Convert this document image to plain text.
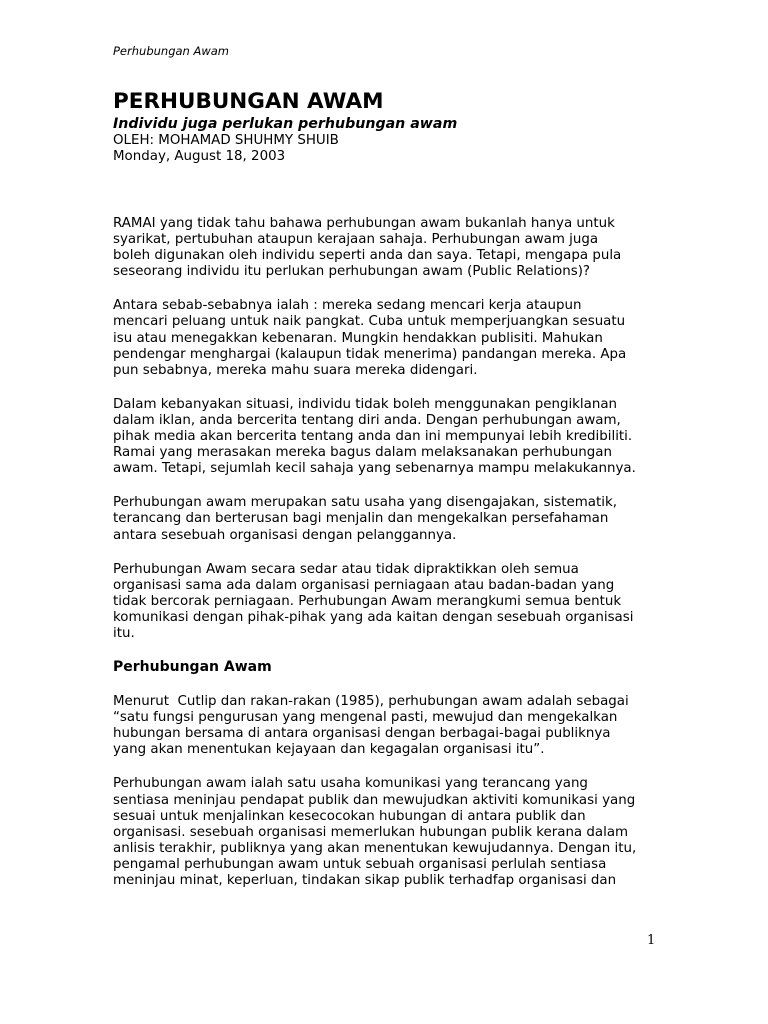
Perhubungan Awam
PERHUBUNGAN AWAM

Individu juga perlukan perhubungan awam

OLEH: MOHAMAD SHUHMY SHUIB

Monday, August 18, 2003

RAMAI yang tidak tahu bahawa perhubungan awam bukanlah hanya untuk
syarikat, pertubuhan ataupun kerajaan sahaja. Perhubungan awam juga
boleh digunakan oleh individu seperti anda dan saya. Tetapi, mengapa pula
seseorang individu itu perlukan perhubungan awam (Public Relations)?
Antara sebab-sebabnya ialah : mereka sedang mencari kerja ataupun
mencari peluang untuk naik pangkat. Cuba untuk memperjuangkan sesuatu
isu atau menegakkan kebenaran. Mungkin hendakkan publisiti. Mahukan
pendengar menghargai (kalaupun tidak menerima) pandangan mereka. Apa
pun sebabnya, mereka mahu suara mereka didengari.
Dalam kebanyakan situasi, individu tidak boleh menggunakan pengiklanan
dalam iklan, anda bercerita tentang diri anda. Dengan perhubungan awam,
pihak media akan bercerita tentang anda dan ini mempunyai lebih kredibiliti.
Ramai yang merasakan mereka bagus dalam melaksanakan perhubungan
awam. Tetapi, sejumlah kecil sahaja yang sebenarnya mampu melakukannya.
Perhubungan awam merupakan satu usaha yang disengajakan, sistematik,
terancang dan berterusan bagi menjalin dan mengekalkan persefahaman
antara sesebuah organisasi dengan pelanggannya.
Perhubungan Awam secara sedar atau tidak dipraktikkan oleh semua
organisasi sama ada dalam organisasi perniagaan atau badan-badan yang
tidak bercorak perniagaan. Perhubungan Awam merangkumi semua bentuk
komunikasi dengan pihak-pihak yang ada kaitan dengan sesebuah organisasi
itu.
Perhubungan Awam
Menurut  Cutlip dan rakan-rakan (1985), perhubungan awam adalah sebagai
“satu fungsi pengurusan yang mengenal pasti, mewujud dan mengekalkan
hubungan bersama di antara organisasi dengan berbagai-bagai publiknya
yang akan menentukan kejayaan dan kegagalan organisasi itu”.
Perhubungan awam ialah satu usaha komunikasi yang terancang yang
sentiasa meninjau pendapat publik dan mewujudkan aktiviti komunikasi yang
sesuai untuk menjalinkan kesecocokan hubungan di antara publik dan
organisasi. sesebuah organisasi memerlukan hubungan publik kerana dalam
anlisis terakhir, publiknya yang akan menentukan kewujudannya. Dengan itu,
pengamal perhubungan awam untuk sebuah organisasi perlulah sentiasa
meninjau minat, keperluan, tindakan sikap publik terhadfap organisasi dan
1
